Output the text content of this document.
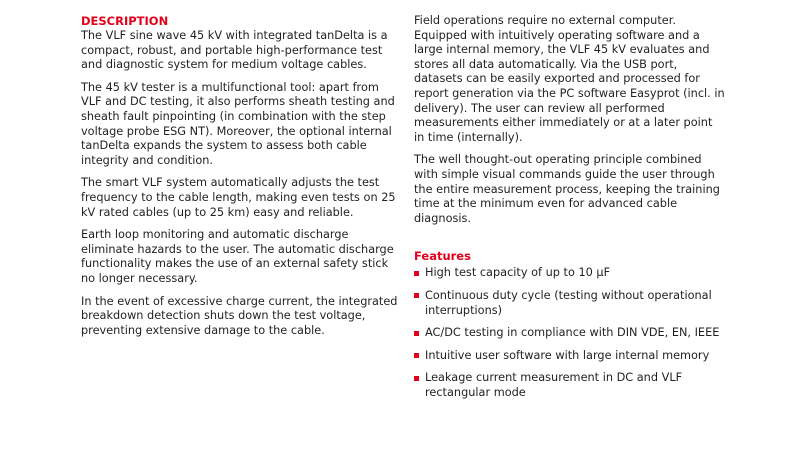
DESCRIPTION

The VLF sine wave 45 kV with integrated tanDelta is a compact, robust, and portable high-performance test and diagnostic system for medium voltage cables.

The 45 kV tester is a multifunctional tool: apart from VLF and DC testing, it also performs sheath testing and sheath fault pinpointing (in combination with the step voltage probe ESG NT). Moreover, the optional internal tanDelta expands the system to assess both cable integrity and condition.

The smart VLF system automatically adjusts the test frequency to the cable length, making even tests on 25 kV rated cables (up to 25 km) easy and reliable.

Earth loop monitoring and automatic discharge eliminate hazards to the user. The automatic discharge functionality makes the use of an external safety stick no longer necessary.

In the event of excessive charge current, the integrated breakdown detection shuts down the test voltage, preventing extensive damage to the cable.

Field operations require no external computer. Equipped with intuitively operating software and a large internal memory, the VLF 45 kV evaluates and stores all data automatically. Via the USB port, datasets can be easily exported and processed for report generation via the PC software Easyprot (incl. in delivery). The user can review all performed measurements either immediately or at a later point in time (internally).

The well thought-out operating principle combined with simple visual commands guide the user through the entire measurement process, keeping the training time at the minimum even for advanced cable diagnosis.

Features
High test capacity of up to 10 µF
Continuous duty cycle (testing without operational interruptions)
AC/DC testing in compliance with DIN VDE, EN, IEEE
Intuitive user software with large internal memory
Leakage current measurement in DC and VLF rectangular mode
